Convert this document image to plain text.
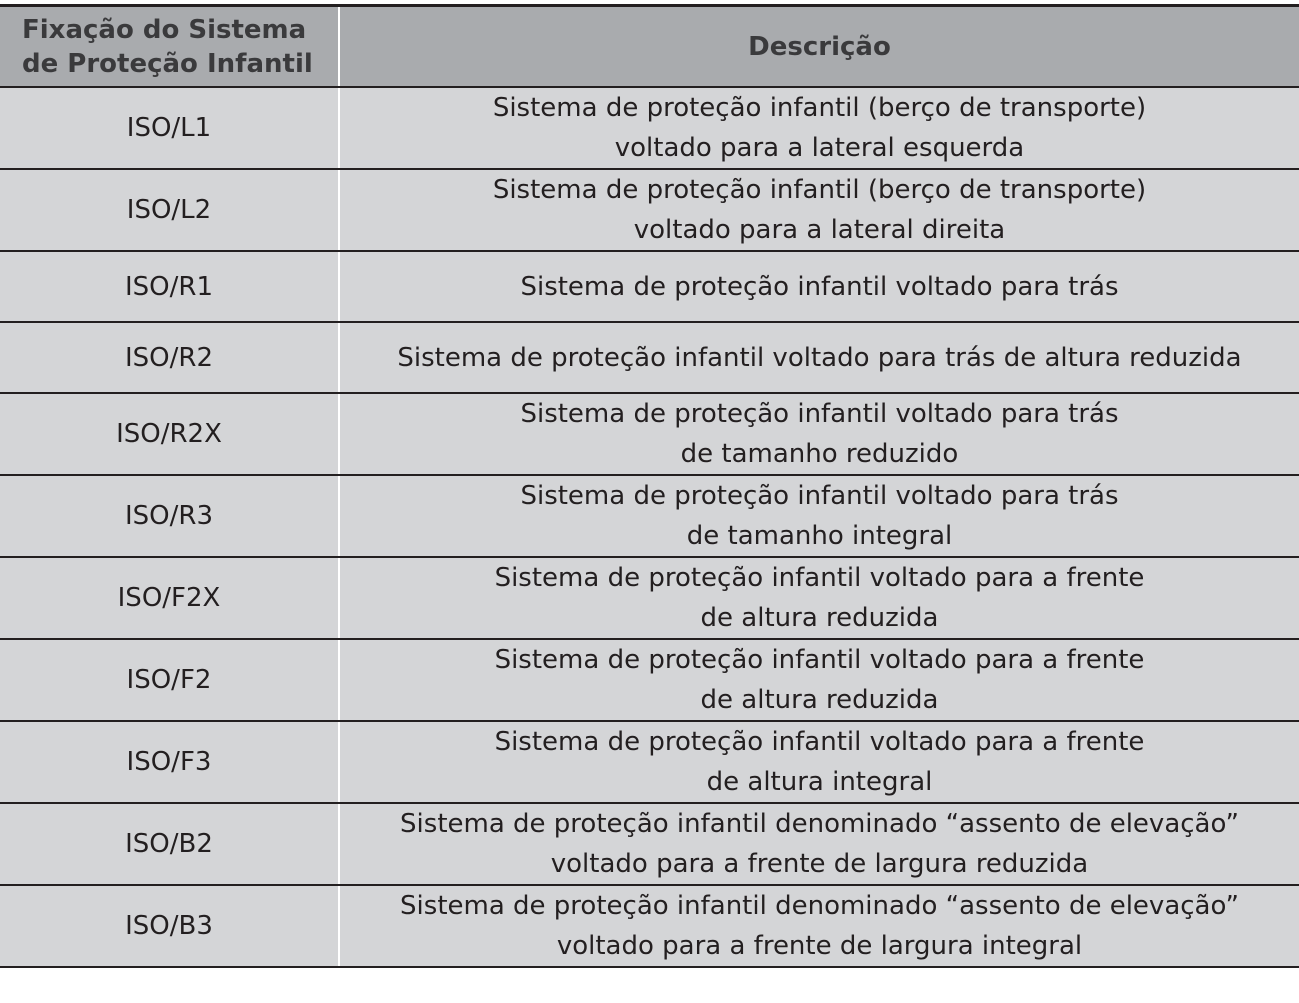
Fixação do Sistema
de Proteção Infantil
Descrição
ISO/L1
Sistema de proteção infantil (berço de transporte)
voltado para a lateral esquerda
ISO/L2
Sistema de proteção infantil (berço de transporte)
voltado para a lateral direita
ISO/R1	Sistema de proteção infantil voltado para trás
ISO/R2	Sistema de proteção infantil voltado para trás de altura reduzida
ISO/R2X
Sistema de proteção infantil voltado para trás
de tamanho reduzido
ISO/R3
Sistema de proteção infantil voltado para trás
de tamanho integral
ISO/F2X
Sistema de proteção infantil voltado para a frente
de altura reduzida
ISO/F2
Sistema de proteção infantil voltado para a frente
de altura reduzida
ISO/F3
Sistema de proteção infantil voltado para a frente
de altura integral
ISO/B2
Sistema de proteção infantil denominado “assento de elevação”
voltado para a frente de largura reduzida
ISO/B3
Sistema de proteção infantil denominado “assento de elevação”
voltado para a frente de largura integral
